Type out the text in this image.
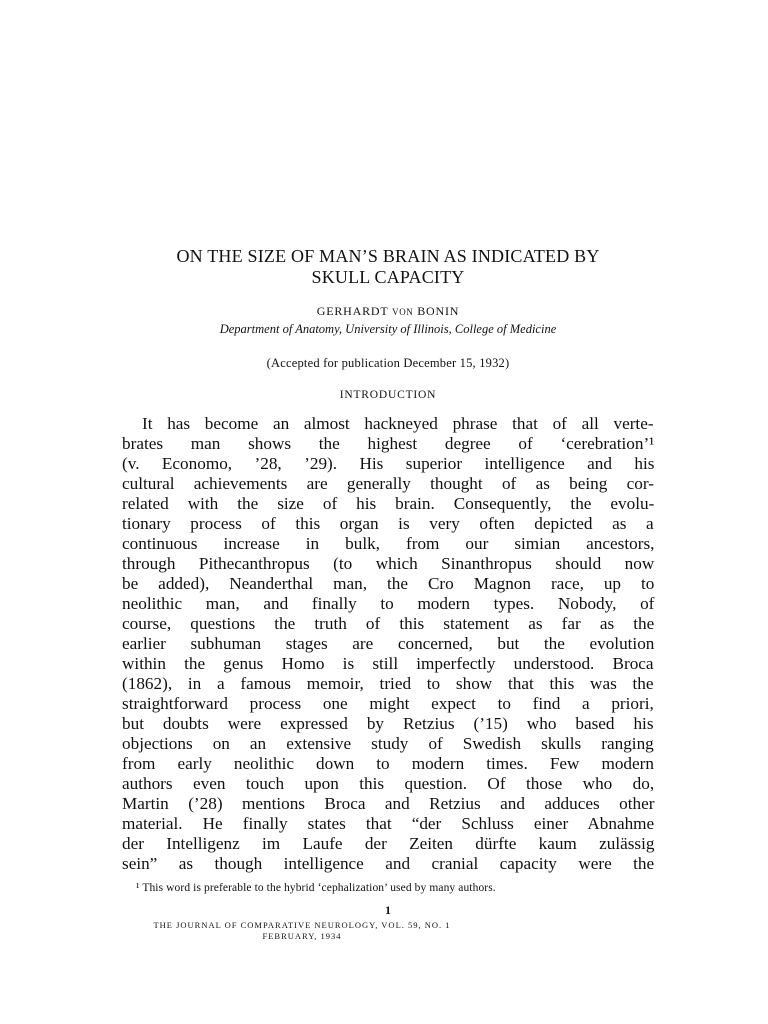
ON THE SIZE OF MAN’S BRAIN AS INDICATED BY
SKULL CAPACITY
GERHARDT VON BONIN
Department of Anatomy, University of Illinois, College of Medicine
(Accepted for publication December 15, 1932)
INTRODUCTION
It has become an almost hackneyed phrase that of all verte-
brates man shows the highest degree of ‘cerebration’¹
(v. Economo, ’28, ’29). His superior intelligence and his
cultural achievements are generally thought of as being cor-
related with the size of his brain. Consequently, the evolu-
tionary process of this organ is very often depicted as a
continuous increase in bulk, from our simian ancestors,
through Pithecanthropus (to which Sinanthropus should now
be added), Neanderthal man, the Cro Magnon race, up to
neolithic man, and finally to modern types. Nobody, of
course, questions the truth of this statement as far as the
earlier subhuman stages are concerned, but the evolution
within the genus Homo is still imperfectly understood. Broca
(1862), in a famous memoir, tried to show that this was the
straightforward process one might expect to find a priori,
but doubts were expressed by Retzius (’15) who based his
objections on an extensive study of Swedish skulls ranging
from early neolithic down to modern times. Few modern
authors even touch upon this question. Of those who do,
Martin (’28) mentions Broca and Retzius and adduces other
material. He finally states that “der Schluss einer Abnahme
der Intelligenz im Laufe der Zeiten dürfte kaum zulässig
sein” as though intelligence and cranial capacity were the
¹ This word is preferable to the hybrid ‘cephalization’ used by many authors.
1
THE JOURNAL OF COMPARATIVE NEUROLOGY, VOL. 59, NO. 1
FEBRUARY, 1934
